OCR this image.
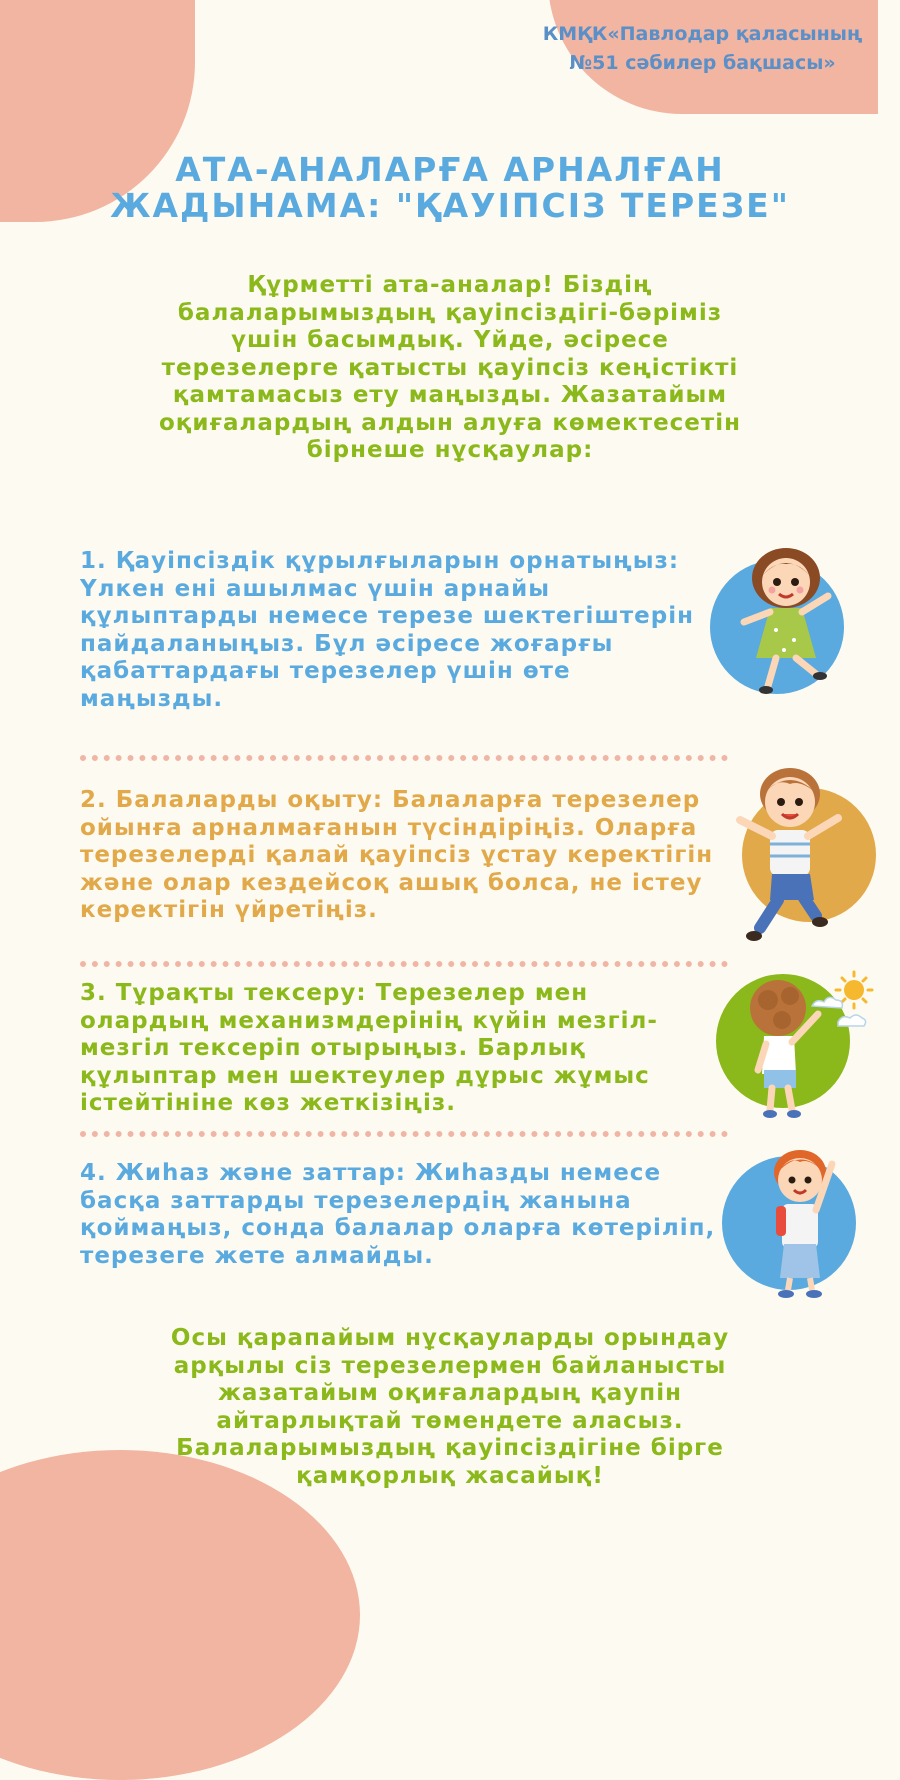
КМҚК«Павлодар қаласының
№51 сәбилер бақшасы»
АТА-АНАЛАРҒА АРНАЛҒАН
ЖАДЫНАМА: "ҚАУІПСІЗ ТЕРЕЗЕ"

Құрметті ата-аналар! Біздің балаларымыздың қауіпсіздігі-бәріміз үшін басымдық. Үйде, әсіресе терезелерге қатысты қауіпсіз кеңістікті қамтамасыз ету маңызды. Жазатайым оқиғалардың алдын алуға көмектесетін бірнеше нұсқаулар:

1. Қауіпсіздік құрылғыларын орнатыңыз: Үлкен ені ашылмас үшін арнайы құлыптарды немесе терезе шектегіштерін пайдаланыңыз. Бұл әсіресе жоғарғы қабаттардағы терезелер үшін өте маңызды.

2. Балаларды оқыту: Балаларға терезелер ойынға арналмағанын түсіндіріңіз. Оларға терезелерді қалай қауіпсіз ұстау керектігін және олар кездейсоқ ашық болса, не істеу керектігін үйретіңіз.

3. Тұрақты тексеру: Терезелер мен олардың механизмдерінің күйін мезгіл-мезгіл тексеріп отырыңыз. Барлық құлыптар мен шектеулер дұрыс жұмыс істейтініне көз жеткізіңіз.

4. Жиһаз және заттар: Жиһазды немесе басқа заттарды терезелердің жанына қоймаңыз, сонда балалар оларға көтеріліп, терезеге жете алмайды.

Осы қарапайым нұсқауларды орындау арқылы сіз терезелермен байланысты жазатайым оқиғалардың қаупін айтарлықтай төмендете аласыз. Балаларымыздың қауіпсіздігіне бірге қамқорлық жасайық!
